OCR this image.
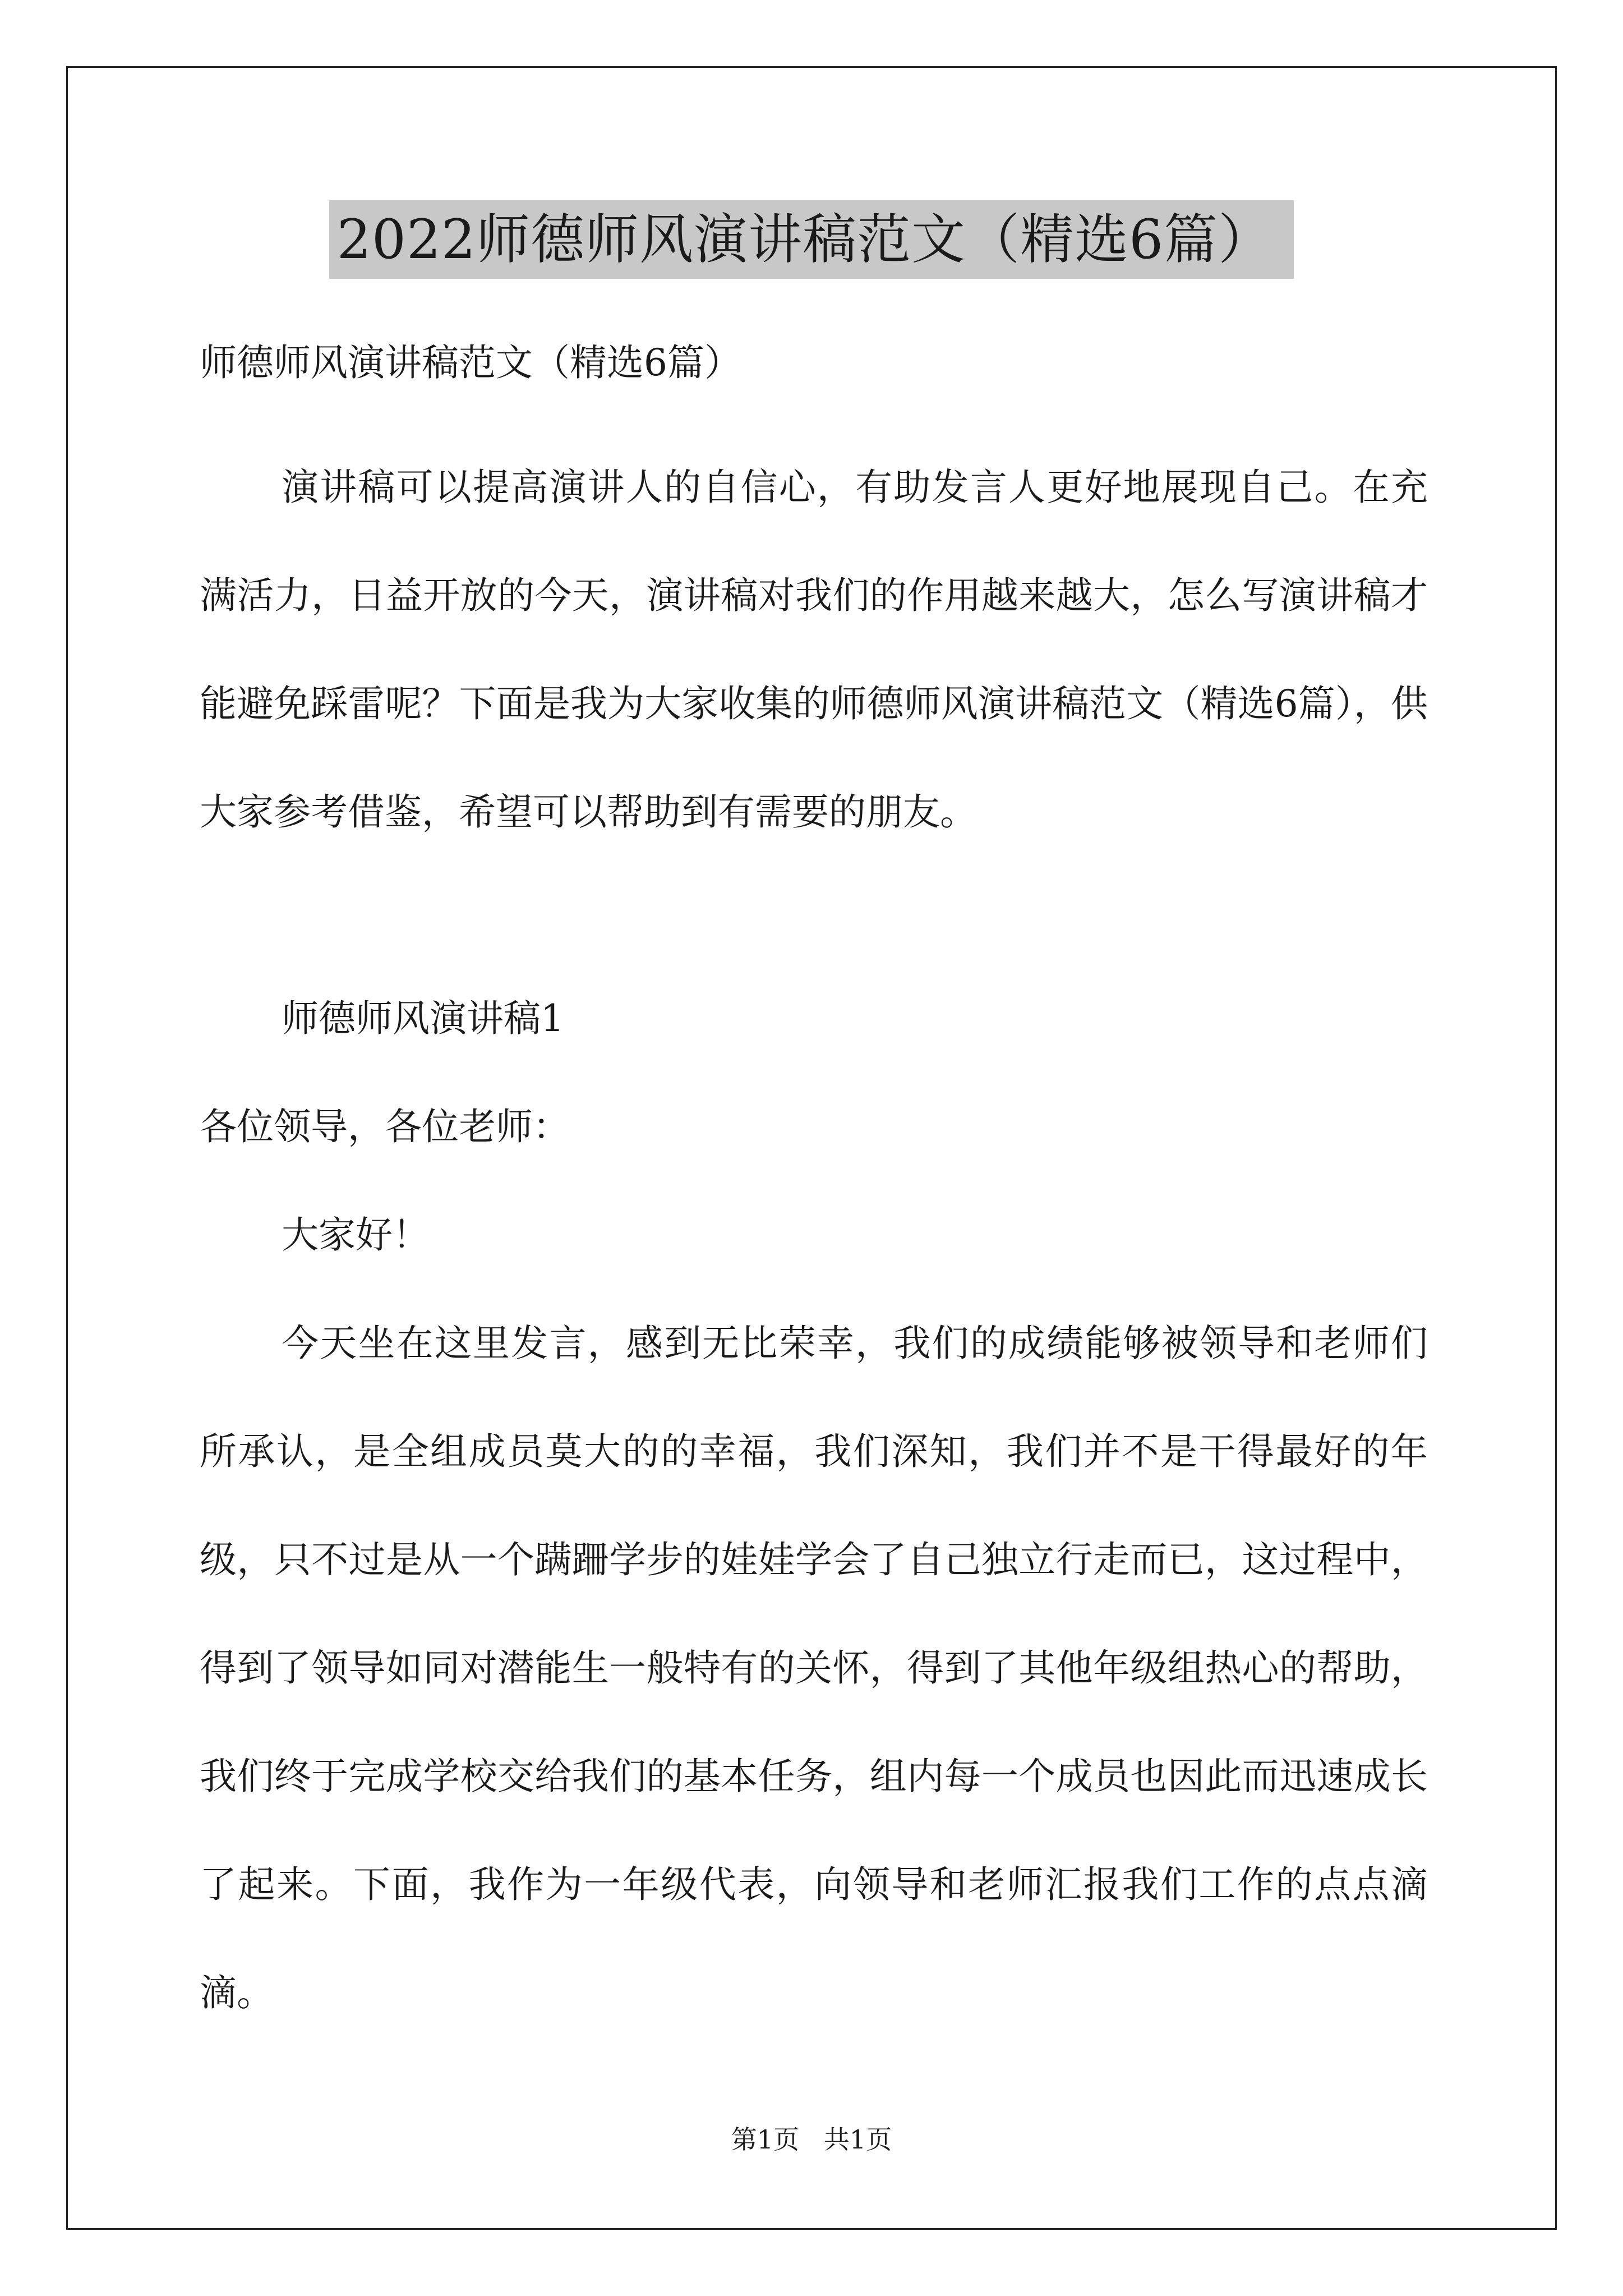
2022师德师风演讲稿范文（精选6篇）

师德师风演讲稿范文（精选6篇）

演讲稿可以提高演讲人的自信心，有助发言人更好地展现自己。在充满活力，日益开放的今天，演讲稿对我们的作用越来越大，怎么写演讲稿才能避免踩雷呢？下面是我为大家收集的师德师风演讲稿范文（精选6篇），供大家参考借鉴，希望可以帮助到有需要的朋友。

师德师风演讲稿1

各位领导，各位老师：

大家好！

今天坐在这里发言，感到无比荣幸，我们的成绩能够被领导和老师们所承认，是全组成员莫大的的幸福，我们深知，我们并不是干得最好的年级，只不过是从一个蹒跚学步的娃娃学会了自己独立行走而已，这过程中，得到了领导如同对潜能生一般特有的关怀，得到了其他年级组热心的帮助，我们终于完成学校交给我们的基本任务，组内每一个成员也因此而迅速成长了起来。下面，我作为一年级代表，向领导和老师汇报我们工作的点点滴滴。

第1页   共1页
